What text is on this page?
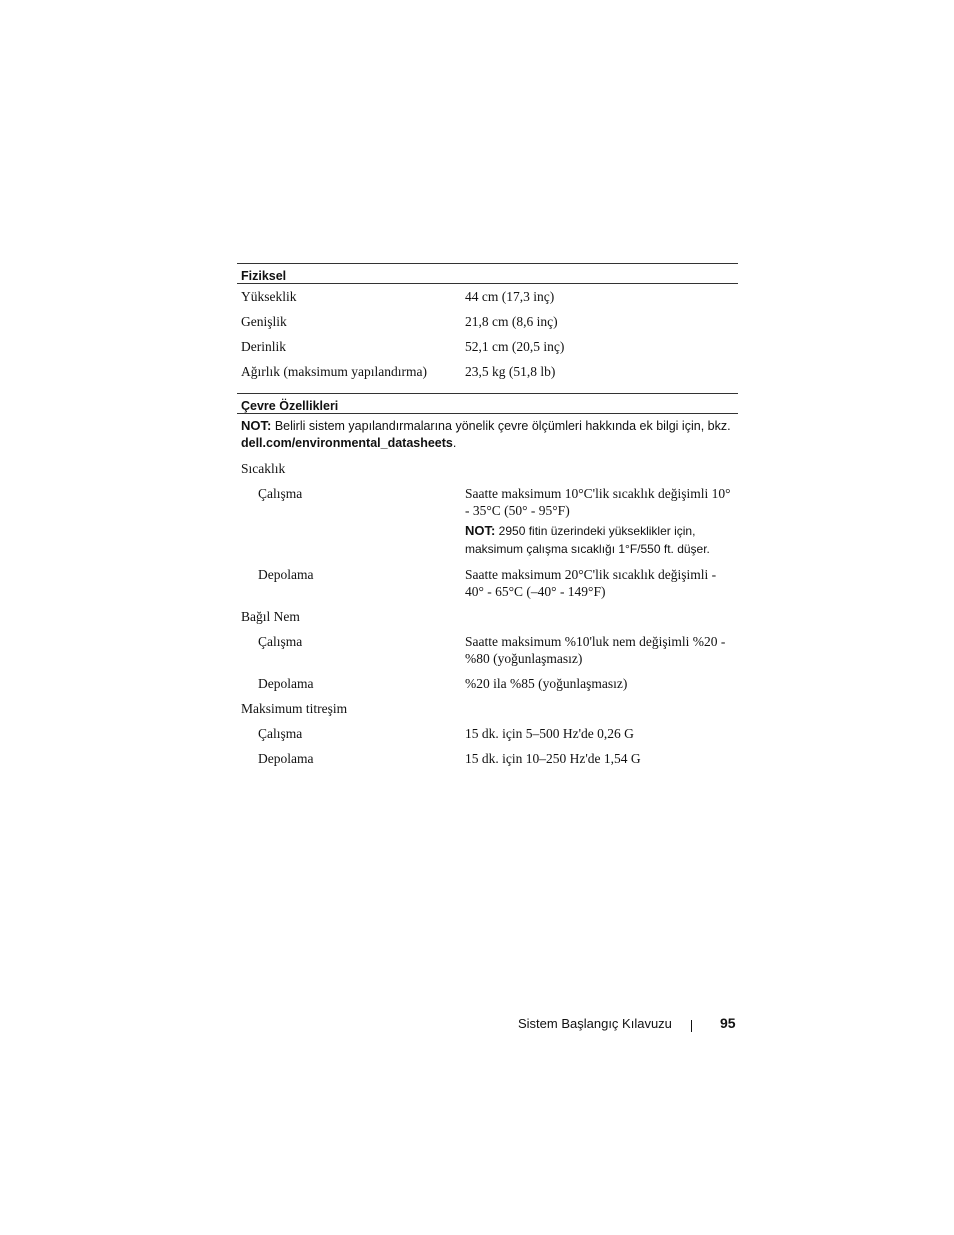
Fiziksel
Yükseklik	44 cm (17,3 inç)
Genişlik	21,8 cm (8,6 inç)
Derinlik	52,1 cm (20,5 inç)
Ağırlık (maksimum yapılandırma)	23,5 kg (51,8 lb)
Çevre Özellikleri
NOT: Belirli sistem yapılandırmalarına yönelik çevre ölçümleri hakkında ek bilgi için, bkz. dell.com/environmental_datasheets.
Sıcaklık
Çalışma	Saatte maksimum 10°C'lik sıcaklık değişimli 10° - 35°C (50° - 95°F)
NOT: 2950 fitin üzerindeki yükseklikler için, maksimum çalışma sıcaklığı 1°F/550 ft. düşer.
Depolama	Saatte maksimum 20°C'lik sıcaklık değişimli - 40° - 65°C (–40° - 149°F)
Bağıl Nem
Çalışma	Saatte maksimum %10'luk nem değişimli %20 - %80 (yoğunlaşmasız)
Depolama	%20 ila %85 (yoğunlaşmasız)
Maksimum titreşim
Çalışma	15 dk. için 5–500 Hz'de 0,26 G
Depolama	15 dk. için 10–250 Hz'de 1,54 G
Sistem Başlangıç Kılavuzu	95
